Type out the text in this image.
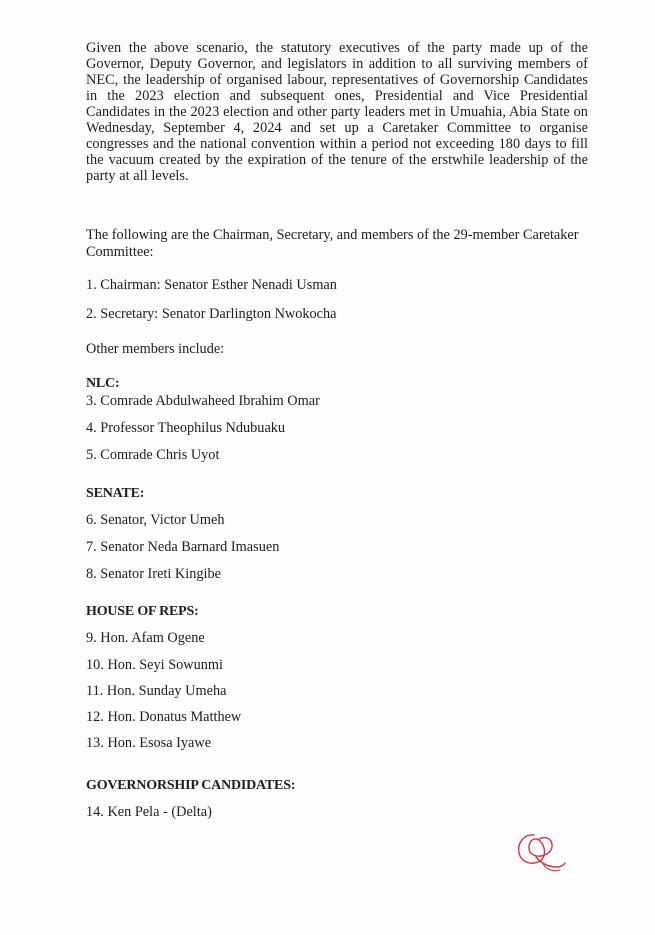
Given the above scenario, the statutory executives of the party made up of the Governor, Deputy Governor, and legislators in addition to all surviving members of NEC, the leadership of organised labour, representatives of Governorship Candidates in the 2023 election and subsequent ones, Presidential and Vice Presidential Candidates in the 2023 election and other party leaders met in Umuahia, Abia State on Wednesday, September 4, 2024 and set up a Caretaker Committee to organise congresses and the national convention within a period not exceeding 180 days to fill the vacuum created by the expiration of the tenure of the erstwhile leadership of the party at all levels.

The following are the Chairman, Secretary, and members of the 29-member Caretaker Committee:

1. Chairman: Senator Esther Nenadi Usman

2. Secretary: Senator Darlington Nwokocha

Other members include:

NLC:

3. Comrade Abdulwaheed Ibrahim Omar

4. Professor Theophilus Ndubuaku

5. Comrade Chris Uyot

SENATE:

6. Senator, Victor Umeh

7. Senator Neda Barnard Imasuen

8. Senator Ireti Kingibe

HOUSE OF REPS:

9. Hon. Afam Ogene

10. Hon. Seyi Sowunmi

11. Hon. Sunday Umeha

12. Hon. Donatus Matthew

13. Hon. Esosa Iyawe

GOVERNORSHIP CANDIDATES:

14. Ken Pela - (Delta)
